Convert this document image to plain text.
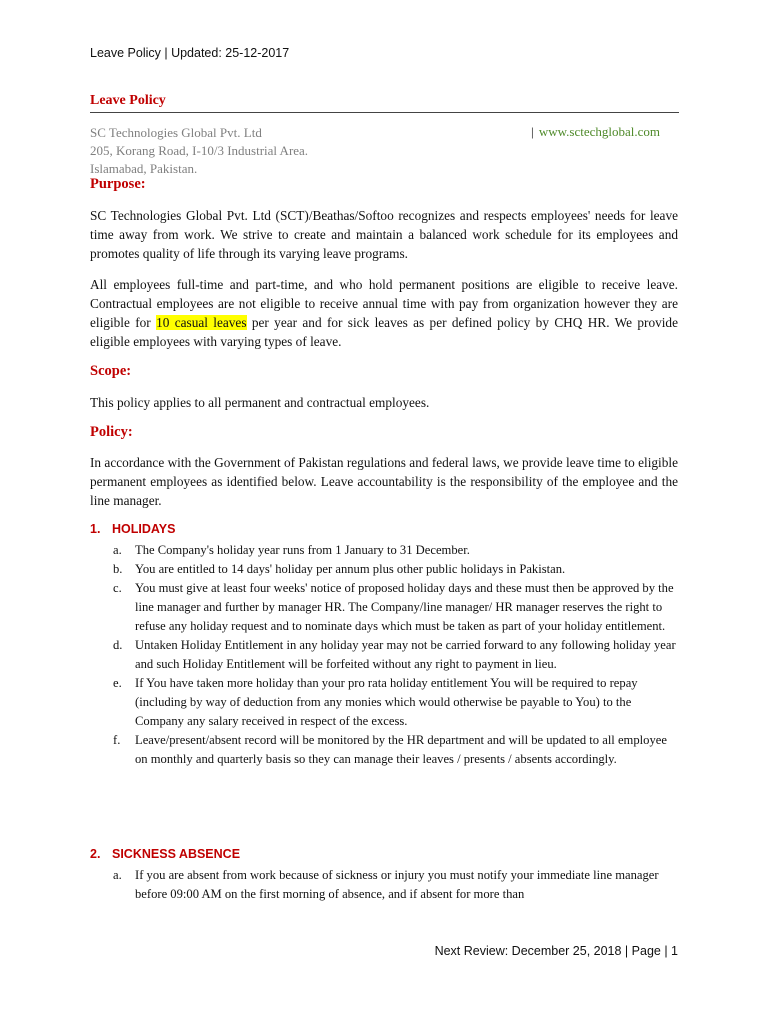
Leave Policy | Updated: 25-12-2017
Leave Policy
SC Technologies Global Pvt. Ltd
205, Korang Road, I-10/3 Industrial Area.
Islamabad, Pakistan.
| www.sctechglobal.com
Purpose:
SC Technologies Global Pvt. Ltd (SCT)/Beathas/Softoo recognizes and respects employees' needs for leave time away from work. We strive to create and maintain a balanced work schedule for its employees and promotes quality of life through its varying leave programs.
All employees full-time and part-time, and who hold permanent positions are eligible to receive leave. Contractual employees are not eligible to receive annual time with pay from organization however they are eligible for 10 casual leaves per year and for sick leaves as per defined policy by CHQ HR. We provide eligible employees with varying types of leave.
Scope:
This policy applies to all permanent and contractual employees.
Policy:
In accordance with the Government of Pakistan regulations and federal laws, we provide leave time to eligible permanent employees as identified below. Leave accountability is the responsibility of the employee and the line manager.
1. HOLIDAYS
a. The Company's holiday year runs from 1 January to 31 December.
b. You are entitled to 14 days' holiday per annum plus other public holidays in Pakistan.
c. You must give at least four weeks' notice of proposed holiday days and these must then be approved by the line manager and further by manager HR. The Company/line manager/ HR manager reserves the right to refuse any holiday request and to nominate days which must be taken as part of your holiday entitlement.
d. Untaken Holiday Entitlement in any holiday year may not be carried forward to any following holiday year and such Holiday Entitlement will be forfeited without any right to payment in lieu.
e. If You have taken more holiday than your pro rata holiday entitlement You will be required to repay (including by way of deduction from any monies which would otherwise be payable to You) to the Company any salary received in respect of the excess.
f. Leave/present/absent record will be monitored by the HR department and will be updated to all employee on monthly and quarterly basis so they can manage their leaves / presents / absents accordingly.
2. SICKNESS ABSENCE
a. If you are absent from work because of sickness or injury you must notify your immediate line manager before 09:00 AM on the first morning of absence, and if absent for more than
Next Review: December 25, 2018 | Page | 1
